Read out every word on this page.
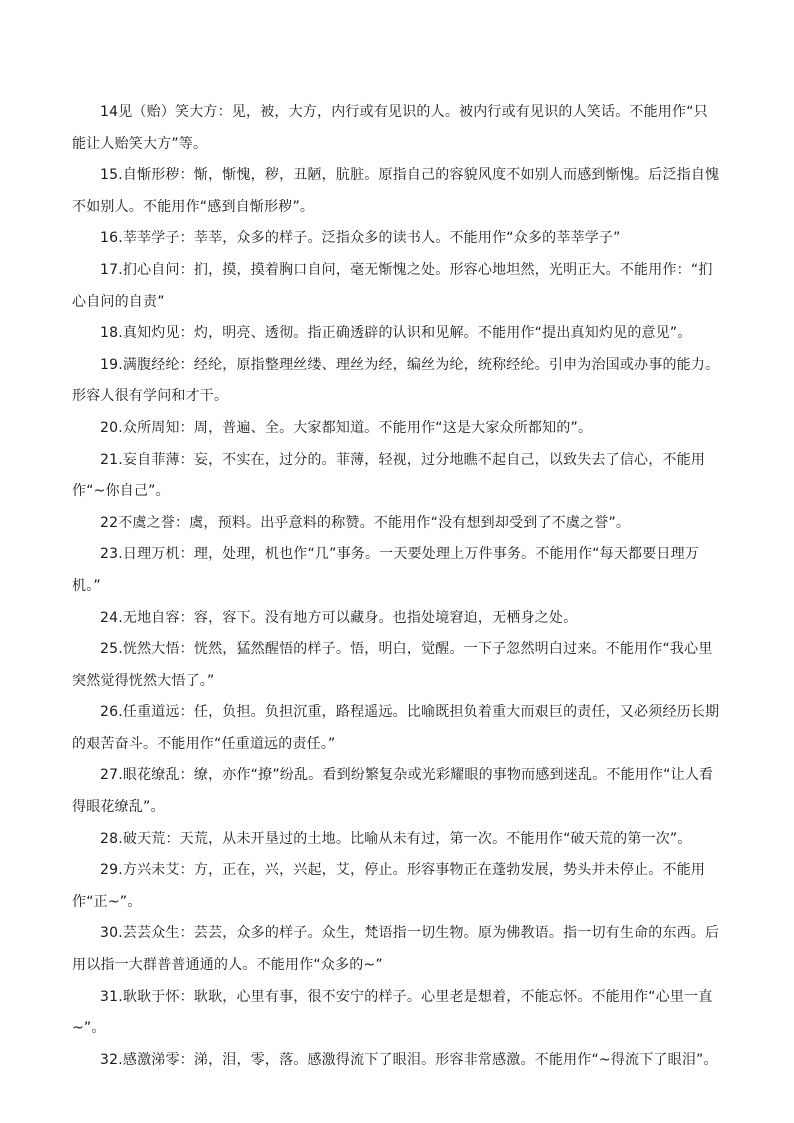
14见（贻）笑大方：见，被，大方，内行或有见识的人。被内行或有见识的人笑话。不能用作“只能让人贻笑大方”等。

15.自惭形秽：惭，惭愧，秽，丑陋，肮脏。原指自己的容貌风度不如别人而感到惭愧。后泛指自愧不如别人。不能用作“感到自惭形秽”。

16.莘莘学子：莘莘，众多的样子。泛指众多的读书人。不能用作“众多的莘莘学子”

17.扪心自问：扪，摸，摸着胸口自问，毫无惭愧之处。形容心地坦然，光明正大。不能用作：“扪心自问的自责”

18.真知灼见：灼，明亮、透彻。指正确透辟的认识和见解。不能用作“提出真知灼见的意见”。

19.满腹经纶：经纶，原指整理丝缕、理丝为经，编丝为纶，统称经纶。引申为治国或办事的能力。形容人很有学问和才干。

20.众所周知：周，普遍、全。大家都知道。不能用作“这是大家众所都知的”。

21.妄自菲薄：妄，不实在，过分的。菲薄，轻视，过分地瞧不起自己，以致失去了信心，不能用作“~你自己”。

22不虞之誉：虞，预料。出乎意料的称赞。不能用作“没有想到却受到了不虞之誉”。

23.日理万机：理，处理，机也作“几”事务。一天要处理上万件事务。不能用作“每天都要日理万机。”

24.无地自容：容，容下。没有地方可以藏身。也指处境窘迫，无栖身之处。

25.恍然大悟：恍然，猛然醒悟的样子。悟，明白，觉醒。一下子忽然明白过来。不能用作“我心里突然觉得恍然大悟了。”

26.任重道远：任，负担。负担沉重，路程遥远。比喻既担负着重大而艰巨的责任，又必须经历长期的艰苦奋斗。不能用作“任重道远的责任。”

27.眼花缭乱：缭，亦作“撩”纷乱。看到纷繁复杂或光彩耀眼的事物而感到迷乱。不能用作“让人看得眼花缭乱”。

28.破天荒：天荒，从未开垦过的土地。比喻从未有过，第一次。不能用作“破天荒的第一次”。

29.方兴未艾：方，正在，兴，兴起，艾，停止。形容事物正在蓬勃发展，势头并未停止。不能用作“正~”。

30.芸芸众生：芸芸，众多的样子。众生，梵语指一切生物。原为佛教语。指一切有生命的东西。后用以指一大群普普通通的人。不能用作“众多的~”

31.耿耿于怀：耿耿，心里有事，很不安宁的样子。心里老是想着，不能忘怀。不能用作“心里一直~”。

32.感激涕零：涕，泪，零，落。感激得流下了眼泪。形容非常感激。不能用作“~得流下了眼泪”。
